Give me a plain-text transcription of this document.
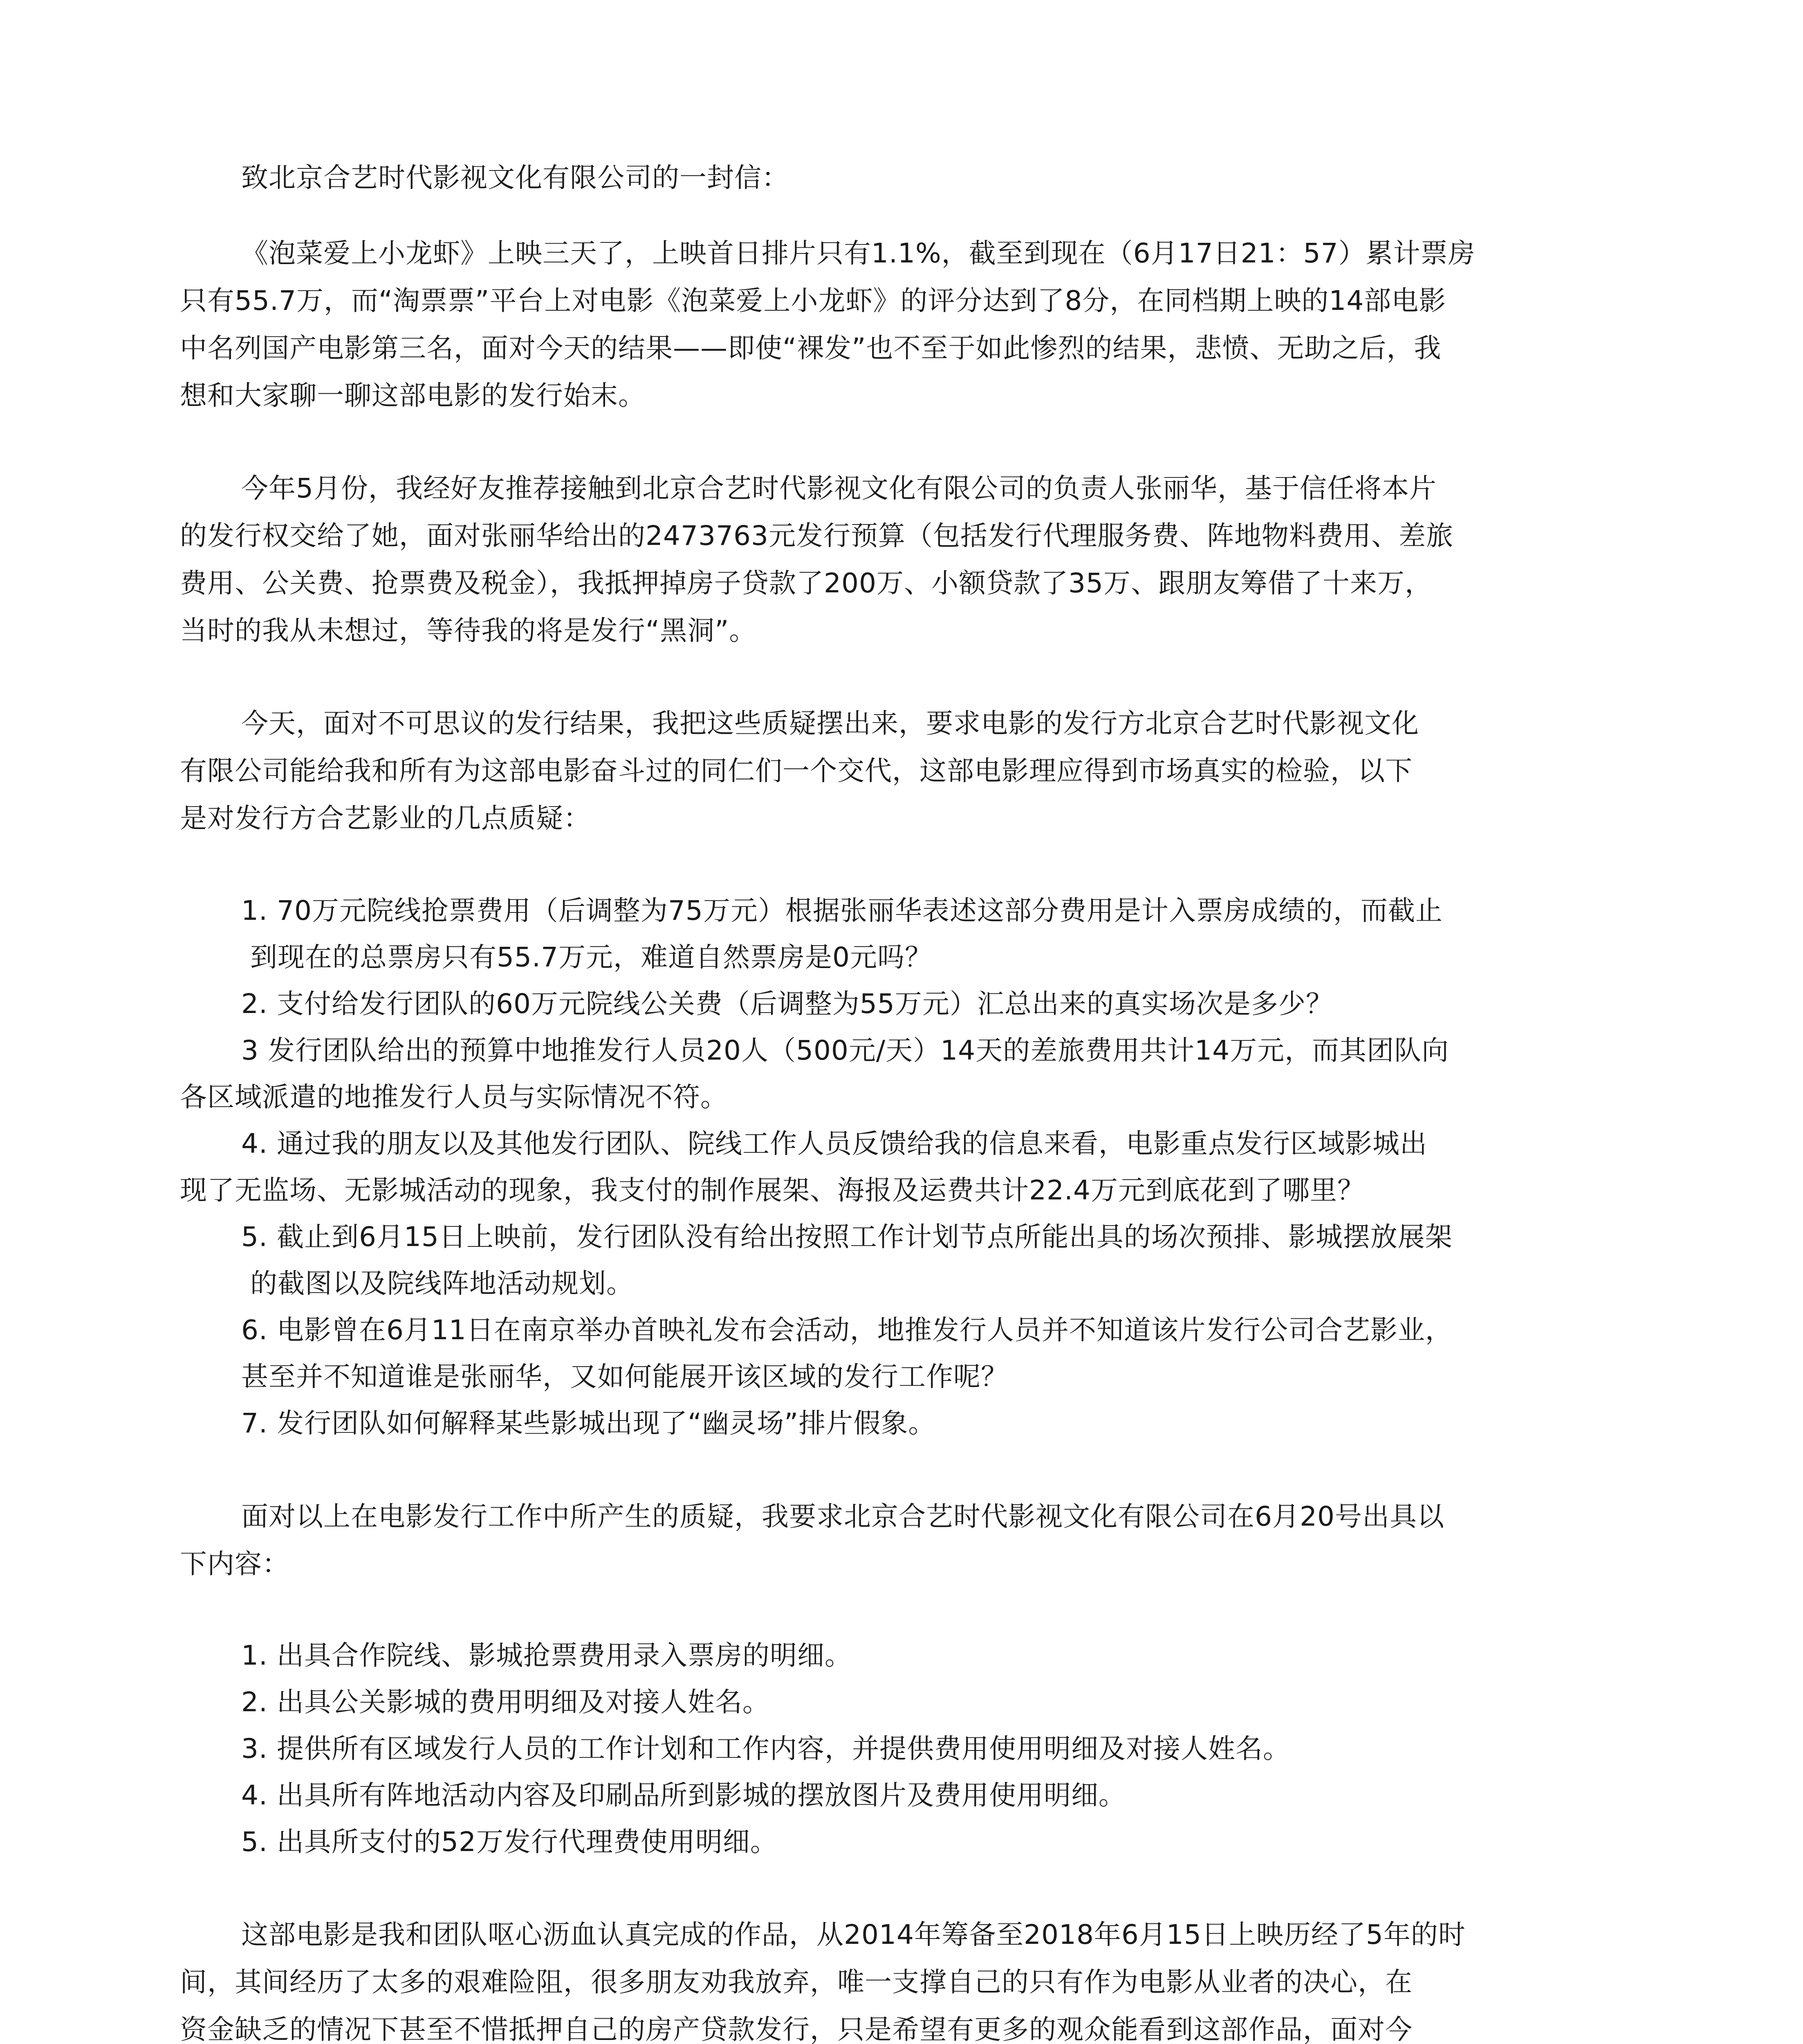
致北京合艺时代影视文化有限公司的一封信：
《泡菜爱上小龙虾》上映三天了，上映首日排片只有1.1%，截至到现在（6月17日21：57）累计票房
只有55.7万，而“淘票票”平台上对电影《泡菜爱上小龙虾》的评分达到了8分，在同档期上映的14部电影
中名列国产电影第三名，面对今天的结果——即使“裸发”也不至于如此惨烈的结果，悲愤、无助之后，我
想和大家聊一聊这部电影的发行始末。
今年5月份，我经好友推荐接触到北京合艺时代影视文化有限公司的负责人张丽华，基于信任将本片
的发行权交给了她，面对张丽华给出的2473763元发行预算（包括发行代理服务费、阵地物料费用、差旅
费用、公关费、抢票费及税金），我抵押掉房子贷款了200万、小额贷款了35万、跟朋友筹借了十来万，
当时的我从未想过，等待我的将是发行“黑洞”。
今天，面对不可思议的发行结果，我把这些质疑摆出来，要求电影的发行方北京合艺时代影视文化
有限公司能给我和所有为这部电影奋斗过的同仁们一个交代，这部电影理应得到市场真实的检验，以下
是对发行方合艺影业的几点质疑：
1. 70万元院线抢票费用（后调整为75万元）根据张丽华表述这部分费用是计入票房成绩的，而截止
到现在的总票房只有55.7万元，难道自然票房是0元吗？
2. 支付给发行团队的60万元院线公关费（后调整为55万元）汇总出来的真实场次是多少？
3 发行团队给出的预算中地推发行人员20人（500元/天）14天的差旅费用共计14万元，而其团队向
各区域派遣的地推发行人员与实际情况不符。
4. 通过我的朋友以及其他发行团队、院线工作人员反馈给我的信息来看，电影重点发行区域影城出
现了无监场、无影城活动的现象，我支付的制作展架、海报及运费共计22.4万元到底花到了哪里？
5. 截止到6月15日上映前，发行团队没有给出按照工作计划节点所能出具的场次预排、影城摆放展架
的截图以及院线阵地活动规划。
6. 电影曾在6月11日在南京举办首映礼发布会活动，地推发行人员并不知道该片发行公司合艺影业，
甚至并不知道谁是张丽华，又如何能展开该区域的发行工作呢？
7. 发行团队如何解释某些影城出现了“幽灵场”排片假象。
面对以上在电影发行工作中所产生的质疑，我要求北京合艺时代影视文化有限公司在6月20号出具以
下内容：
1. 出具合作院线、影城抢票费用录入票房的明细。
2. 出具公关影城的费用明细及对接人姓名。
3. 提供所有区域发行人员的工作计划和工作内容，并提供费用使用明细及对接人姓名。
4. 出具所有阵地活动内容及印刷品所到影城的摆放图片及费用使用明细。
5. 出具所支付的52万发行代理费使用明细。
这部电影是我和团队呕心沥血认真完成的作品，从2014年筹备至2018年6月15日上映历经了5年的时
间，其间经历了太多的艰难险阻，很多朋友劝我放弃，唯一支撑自己的只有作为电影从业者的决心，在
资金缺乏的情况下甚至不惜抵押自己的房产贷款发行，只是希望有更多的观众能看到这部作品，面对今
